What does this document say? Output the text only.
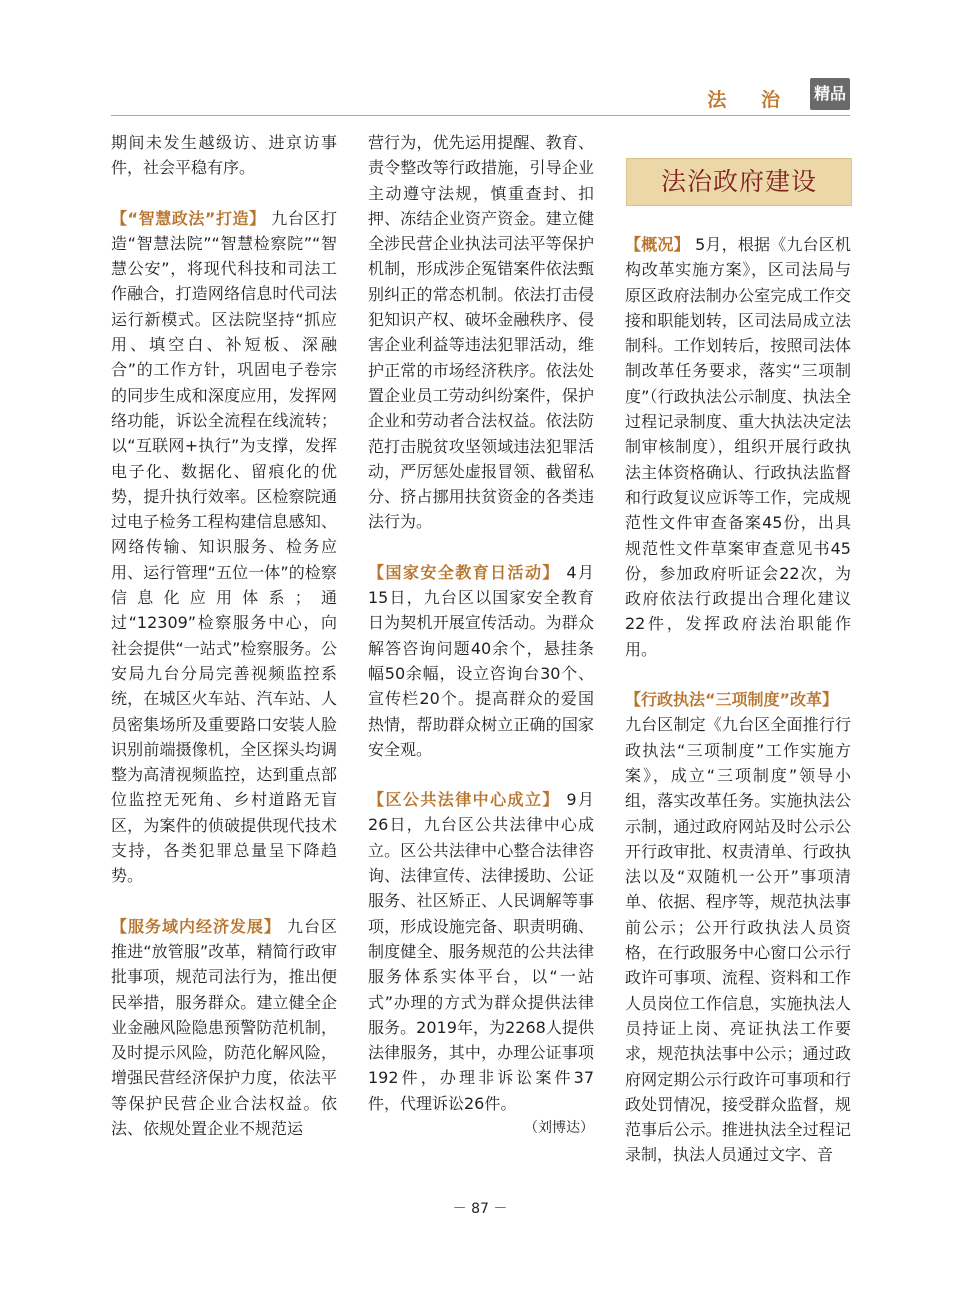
法 治 精品

期间未发生越级访、进京访事件，社会平稳有序。

【“智慧政法”打造】 九台区打造“智慧法院”“智慧检察院”“智慧公安”，将现代科技和司法工作融合，打造网络信息时代司法运行新模式。区法院坚持“抓应用、填空白、补短板、深融合”的工作方针，巩固电子卷宗的同步生成和深度应用，发挥网络功能，诉讼全流程在线流转；以“互联网+执行”为支撑，发挥电子化、数据化、留痕化的优势，提升执行效率。区检察院通过电子检务工程构建信息感知、网络传输、知识服务、检务应用、运行管理“五位一体”的检察信息化应用体系；通过“12309”检察服务中心，向社会提供“一站式”检察服务。公安局九台分局完善视频监控系统，在城区火车站、汽车站、人员密集场所及重要路口安装人脸识别前端摄像机，全区探头均调整为高清视频监控，达到重点部位监控无死角、乡村道路无盲区，为案件的侦破提供现代技术支持，各类犯罪总量呈下降趋势。

【服务域内经济发展】 九台区推进“放管服”改革，精简行政审批事项，规范司法行为，推出便民举措，服务群众。建立健全企业金融风险隐患预警防范机制，及时提示风险，防范化解风险，增强民营经济保护力度，依法平等保护民营企业合法权益。依法、依规处置企业不规范运

营行为，优先运用提醒、教育、责令整改等行政措施，引导企业主动遵守法规，慎重查封、扣押、冻结企业资产资金。建立健全涉民营企业执法司法平等保护机制，形成涉企冤错案件依法甄别纠正的常态机制。依法打击侵犯知识产权、破坏金融秩序、侵害企业利益等违法犯罪活动，维护正常的市场经济秩序。依法处置企业员工劳动纠纷案件，保护企业和劳动者合法权益。依法防范打击脱贫攻坚领域违法犯罪活动，严厉惩处虚报冒领、截留私分、挤占挪用扶贫资金的各类违法行为。

【国家安全教育日活动】 4月15日，九台区以国家安全教育日为契机开展宣传活动。为群众解答咨询问题40余个，悬挂条幅50余幅，设立咨询台30个、宣传栏20个。提高群众的爱国热情，帮助群众树立正确的国家安全观。

【区公共法律中心成立】 9月26日，九台区公共法律中心成立。区公共法律中心整合法律咨询、法律宣传、法律援助、公证服务、社区矫正、人民调解等事项，形成设施完备、职责明确、制度健全、服务规范的公共法律服务体系实体平台，以“一站式”办理的方式为群众提供法律服务。2019年，为2268人提供法律服务，其中，办理公证事项192件，办理非诉讼案件37件，代理诉讼26件。

（刘博达）

法治政府建设

【概况】 5月，根据《九台区机构改革实施方案》，区司法局与原区政府法制办公室完成工作交接和职能划转，区司法局成立法制科。工作划转后，按照司法体制改革任务要求，落实“三项制度”（行政执法公示制度、执法全过程记录制度、重大执法决定法制审核制度），组织开展行政执法主体资格确认、行政执法监督和行政复议应诉等工作，完成规范性文件审查备案45份，出具规范性文件草案审查意见书45份，参加政府听证会22次，为政府依法行政提出合理化建议22件，发挥政府法治职能作用。

【行政执法“三项制度”改革】
九台区制定《九台区全面推行行政执法“三项制度”工作实施方案》，成立“三项制度”领导小组，落实改革任务。实施执法公示制，通过政府网站及时公示公开行政审批、权责清单、行政执法以及“双随机一公开”事项清单、依据、程序等，规范执法事前公示；公开行政执法人员资格，在行政服务中心窗口公示行政许可事项、流程、资料和工作人员岗位工作信息，实施执法人员持证上岗、亮证执法工作要求，规范执法事中公示；通过政府网定期公示行政许可事项和行政处罚情况，接受群众监督，规范事后公示。推进执法全过程记录制，执法人员通过文字、音

－ 87 －
